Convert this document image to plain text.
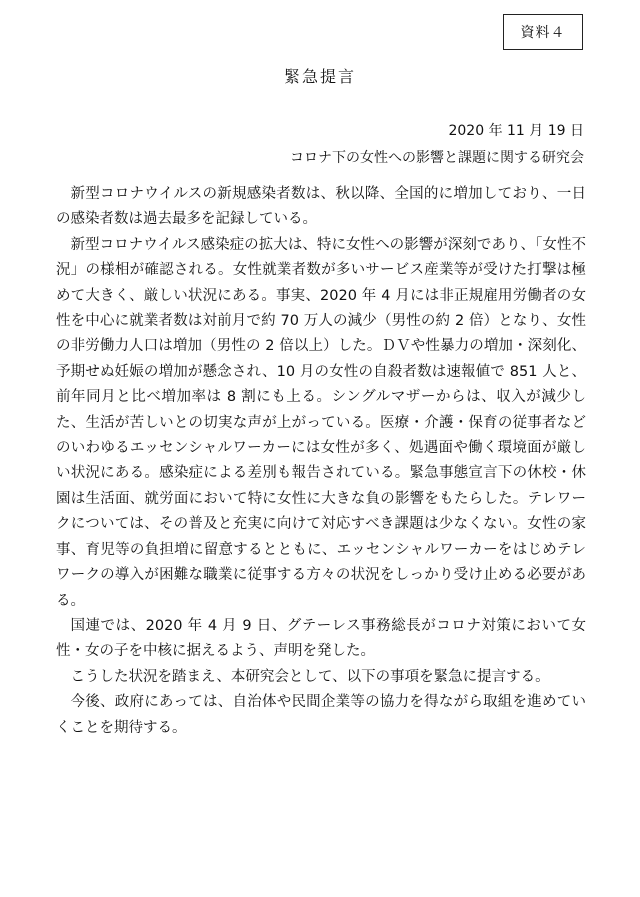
資料４
緊急提言
2020 年 11 月 19 日
コロナ下の女性への影響と課題に関する研究会

新型コロナウイルスの新規感染者数は、秋以降、全国的に増加しており、一日の感染者数は過去最多を記録している。

新型コロナウイルス感染症の拡大は、特に女性への影響が深刻であり、「女性不況」の様相が確認される。女性就業者数が多いサービス産業等が受けた打撃は極めて大きく、厳しい状況にある。事実、2020 年 4 月には非正規雇用労働者の女性を中心に就業者数は対前月で約 70 万人の減少（男性の約 2 倍）となり、女性の非労働力人口は増加（男性の 2 倍以上）した。ＤＶや性暴力の増加・深刻化、予期せぬ妊娠の増加が懸念され、10 月の女性の自殺者数は速報値で 851 人と、前年同月と比べ増加率は 8 割にも上る。シングルマザーからは、収入が減少した、生活が苦しいとの切実な声が上がっている。医療・介護・保育の従事者などのいわゆるエッセンシャルワーカーには女性が多く、処遇面や働く環境面が厳しい状況にある。感染症による差別も報告されている。緊急事態宣言下の休校・休園は生活面、就労面において特に女性に大きな負の影響をもたらした。テレワークについては、その普及と充実に向けて対応すべき課題は少なくない。女性の家事、育児等の負担増に留意するとともに、エッセンシャルワーカーをはじめテレワークの導入が困難な職業に従事する方々の状況をしっかり受け止める必要がある。

国連では、2020 年 4 月 9 日、グテーレス事務総長がコロナ対策において女性・女の子を中核に据えるよう、声明を発した。

こうした状況を踏まえ、本研究会として、以下の事項を緊急に提言する。

今後、政府にあっては、自治体や民間企業等の協力を得ながら取組を進めていくことを期待する。
